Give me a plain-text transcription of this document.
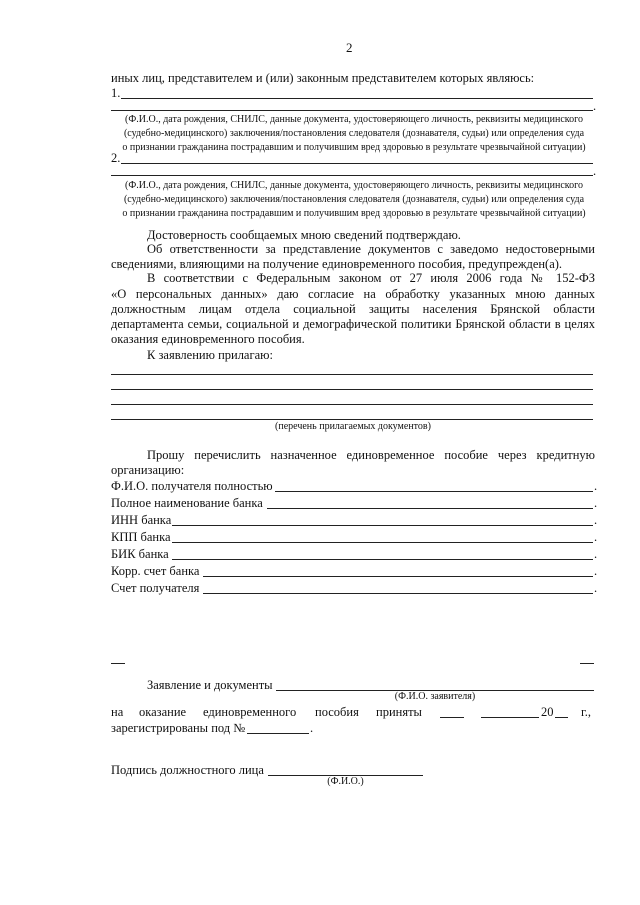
2
иных лиц, представителем и (или) законным представителем которых являюсь:
1.
.
(Ф.И.О., дата рождения, СНИЛС, данные документа, удостоверяющего личность, реквизиты медицинского
(судебно-медицинского) заключения/постановления следователя (дознавателя, судьи) или определения суда
о признании гражданина пострадавшим и получившим вред здоровью в результате чрезвычайной ситуации)
2.
.
(Ф.И.О., дата рождения, СНИЛС, данные документа, удостоверяющего личность, реквизиты медицинского
(судебно-медицинского) заключения/постановления следователя (дознавателя, судьи) или определения суда
о признании гражданина пострадавшим и получившим вред здоровью в результате чрезвычайной ситуации)
Достоверность сообщаемых мною сведений подтверждаю.
Об ответственности за представление документов с заведомо недостоверными
сведениями, влияющими на получение единовременного пособия, предупрежден(а).
В соответствии с Федеральным законом от 27 июля 2006 года № 152-ФЗ
«О персональных данных» даю согласие на обработку указанных мною данных
должностным лицам отдела социальной защиты населения Брянской области
департамента семьи, социальной и демографической политики Брянской области в целях
оказания единовременного пособия.
К заявлению прилагаю:
(перечень прилагаемых документов)
Прошу перечислить назначенное единовременное пособие через кредитную
организацию:
Ф.И.О. получателя полностью	.
Полное наименование банка	.
ИНН банка	.
КПП банка	.
БИК банка	.
Корр. счет банка	.
Счет получателя	.
Заявление и документы
(Ф.И.О. заявителя)
на оказание единовременного пособия приняты	20 г.,
зарегистрированы под №	.
Подпись должностного лица
(Ф.И.О.)
